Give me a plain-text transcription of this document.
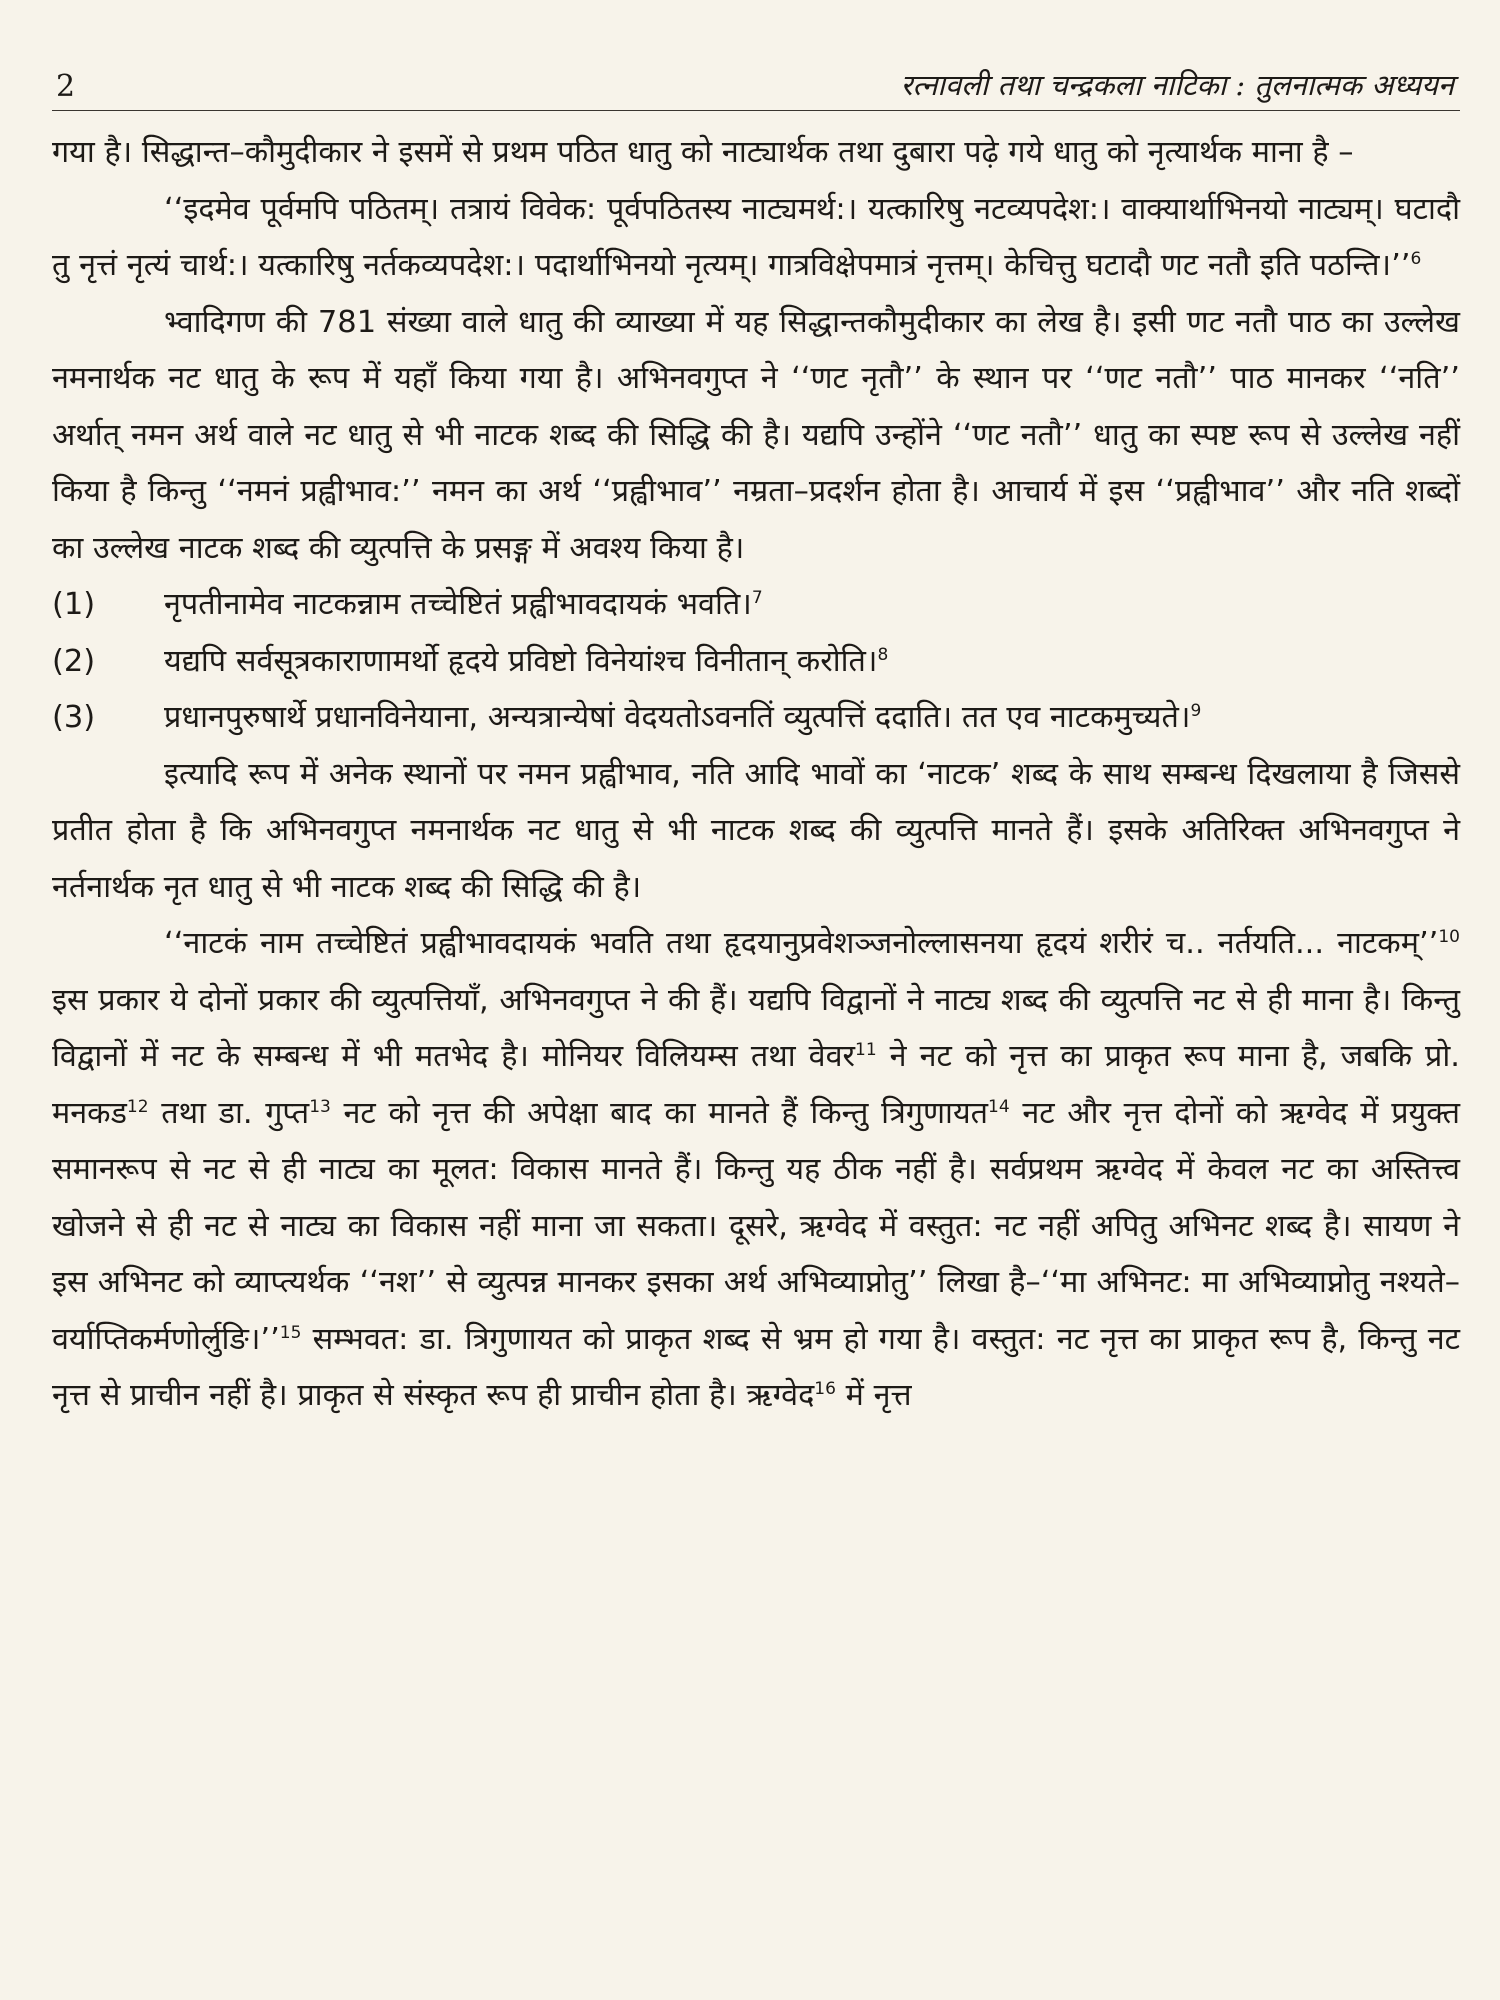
2	रत्नावली तथा चन्द्रकला नाटिका : तुलनात्मक अध्ययन

गया है। सिद्धान्त–कौमुदीकार ने इसमें से प्रथम पठित धातु को नाट्यार्थक तथा दुबारा पढ़े गये धातु को नृत्यार्थक माना है –

‘‘इदमेव पूर्वमपि पठितम्। तत्रायं विवेक: पूर्वपठितस्य नाट्यमर्थ:। यत्कारिषु नटव्यपदेश:। वाक्यार्थाभिनयो नाट्यम्। घटादौ तु नृत्तं नृत्यं चार्थ:। यत्कारिषु नर्तकव्यपदेश:। पदार्थाभिनयो नृत्यम्। गात्रविक्षेपमात्रं नृत्तम्। केचित्तु घटादौ णट नतौ इति पठन्ति।’’$^6$

भ्वादिगण की 781 संख्या वाले धातु की व्याख्या में यह सिद्धान्तकौमुदीकार का लेख है। इसी णट नतौ पाठ का उल्लेख नमनार्थक नट धातु के रूप में यहाँ किया गया है। अभिनवगुप्त ने ‘‘णट नृतौ’’ के स्थान पर ‘‘णट नतौ’’ पाठ मानकर ‘‘नति’’ अर्थात् नमन अर्थ वाले नट धातु से भी नाटक शब्द की सिद्धि की है। यद्यपि उन्होंने ‘‘णट नतौ’’ धातु का स्पष्ट रूप से उल्लेख नहीं किया है किन्तु ‘‘नमनं प्रह्वीभाव:’’ नमन का अर्थ ‘‘प्रह्वीभाव’’ नम्रता–प्रदर्शन होता है। आचार्य में इस ‘‘प्रह्वीभाव’’ और नति शब्दों का उल्लेख नाटक शब्द की व्युत्पत्ति के प्रसङ्ग में अवश्य किया है।

(1)	नृपतीनामेव नाटकन्नाम तच्चेष्टितं प्रह्वीभावदायकं भवति।$^7$
(2)	यद्यपि सर्वसूत्रकाराणामर्थो हृदये प्रविष्टो विनेयांश्च विनीतान् करोति।$^8$
(3)	प्रधानपुरुषार्थे प्रधानविनेयाना, अन्यत्रान्येषां वेदयतोऽवनतिं व्युत्पत्तिं ददाति। तत एव नाटकमुच्यते।$^9$

इत्यादि रूप में अनेक स्थानों पर नमन प्रह्वीभाव, नति आदि भावों का ‘नाटक’ शब्द के साथ सम्बन्ध दिखलाया है जिससे प्रतीत होता है कि अभिनवगुप्त नमनार्थक नट धातु से भी नाटक शब्द की व्युत्पत्ति मानते हैं। इसके अतिरिक्त अभिनवगुप्त ने नर्तनार्थक नृत धातु से भी नाटक शब्द की सिद्धि की है।

‘‘नाटकं नाम तच्चेष्टितं प्रह्वीभावदायकं भवति तथा हृदयानुप्रवेशञ्जनोल्लासनया हृदयं शरीरं च.. नर्तयति... नाटकम्’’$^{10}$ इस प्रकार ये दोनों प्रकार की व्युत्पत्तियाँ, अभिनवगुप्त ने की हैं। यद्यपि विद्वानों ने नाट्य शब्द की व्युत्पत्ति नट से ही माना है। किन्तु विद्वानों में नट के सम्बन्ध में भी मतभेद है। मोनियर विलियम्स तथा वेवर$^{11}$ ने नट को नृत्त का प्राकृत रूप माना है, जबकि प्रो. मनकड$^{12}$ तथा डा. गुप्त$^{13}$ नट को नृत्त की अपेक्षा बाद का मानते हैं किन्तु त्रिगुणायत$^{14}$ नट और नृत्त दोनों को ऋग्वेद में प्रयुक्त समानरूप से नट से ही नाट्य का मूलत: विकास मानते हैं। किन्तु यह ठीक नहीं है। सर्वप्रथम ऋग्वेद में केवल नट का अस्तित्त्व खोजने से ही नट से नाट्य का विकास नहीं माना जा सकता। दूसरे, ऋग्वेद में वस्तुत: नट नहीं अपितु अभिनट शब्द है। सायण ने इस अभिनट को व्याप्त्यर्थक ‘‘नश’’ से व्युत्पन्न मानकर इसका अर्थ अभिव्याप्नोतु’’ लिखा है–‘‘मा अभिनट: मा अभिव्याप्नोतु नश्यते–वर्याप्तिकर्मणोर्लुङि।’’$^{15}$ सम्भवत: डा. त्रिगुणायत को प्राकृत शब्द से भ्रम हो गया है। वस्तुत: नट नृत्त का प्राकृत रूप है, किन्तु नट नृत्त से प्राचीन नहीं है। प्राकृत से संस्कृत रूप ही प्राचीन होता है। ऋग्वेद$^{16}$ में नृत्त
